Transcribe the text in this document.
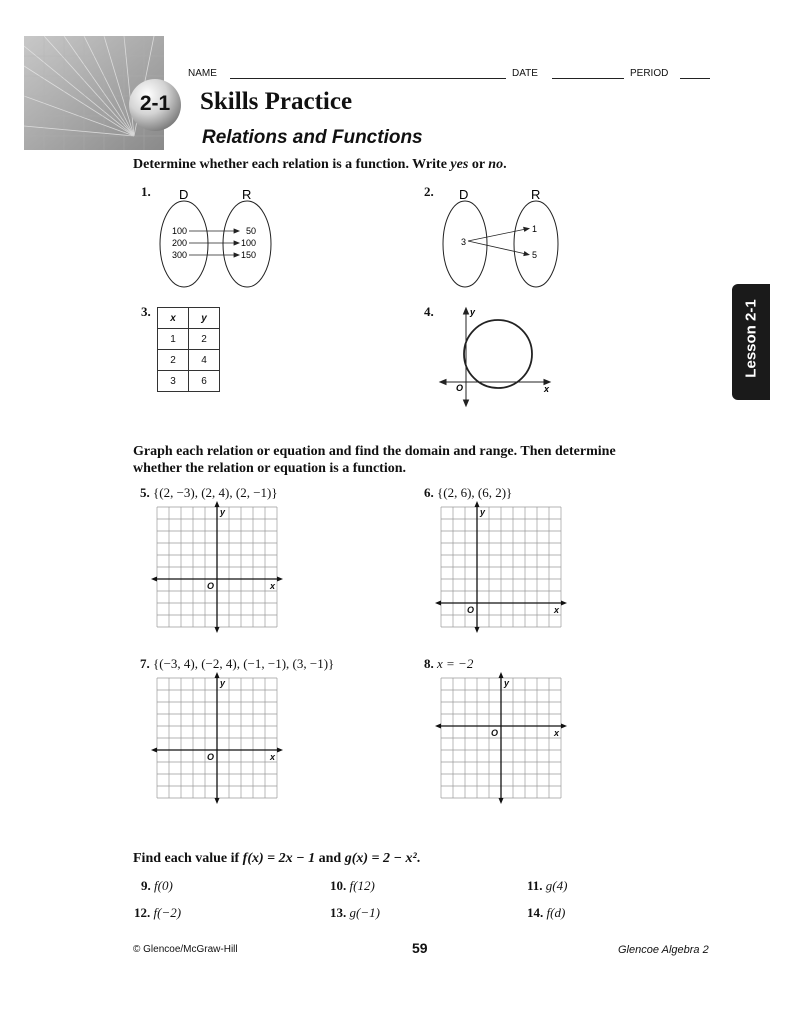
2-1
NAME	DATE	PERIOD
Skills Practice
Relations and Functions
Lesson 2-1
Determine whether each relation is a function. Write yes or no.
1. D	R
100
200
300
50
100
150
2. D	R
3
1
5
3. x	y
1	2
2	4
3	6
4.	y
x
O
Graph each relation or equation and find the domain and range. Then determine
whether the relation or equation is a function.
5. {(2, −3), (2, 4), (2, −1)}	6. {(2, 6), (6, 2)}
7. {(−3, 4), (−2, 4), (−1, −1), (3, −1)}	8. x = −2
y
x
O
y
x
O
y
x
O
y
x
O
Find each value if f(x) = 2x − 1 and g(x) = 2 − x².
9. f(0)	10. f(12)	11. g(4)
12. f(−2)	13. g(−1)	14. f(d)
© Glencoe/McGraw-Hill	59	Glencoe Algebra 2
